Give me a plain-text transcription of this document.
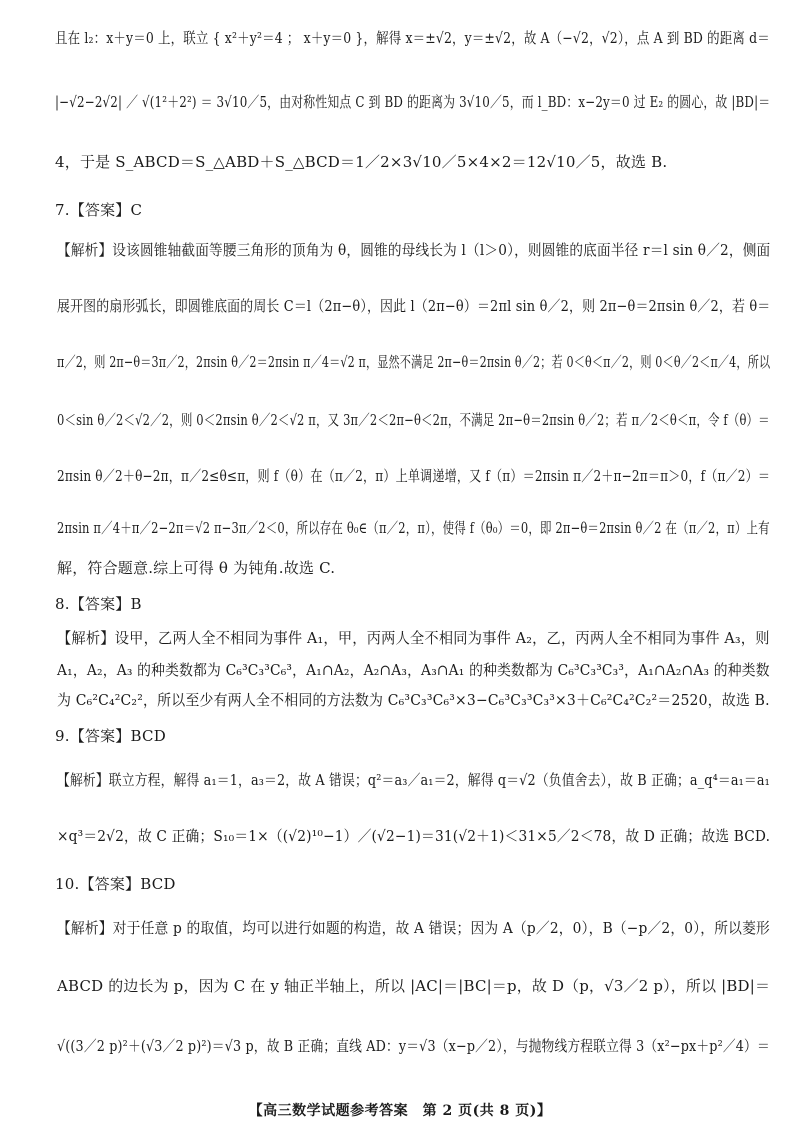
且在 l₂：x＋y＝0 上，联立 { x²＋y²＝4 ； x＋y＝0 }，解得 x＝±√2，y＝±√2，故 A（−√2，√2），点 A 到 BD 的距离 d＝
|−√2−2√2| ／ √(1²＋2²) ＝ 3√10／5，由对称性知点 C 到 BD 的距离为 3√10／5，而 l_BD：x−2y＝0 过 E₂ 的圆心，故 |BD|＝
4，于是 S_ABCD＝S_△ABD＋S_△BCD＝1／2×3√10／5×4×2＝12√10／5，故选 B.
7.【答案】C
【解析】设该圆锥轴截面等腰三角形的顶角为 θ，圆锥的母线长为 l（l＞0），则圆锥的底面半径 r＝l sin θ／2，侧面
展开图的扇形弧长，即圆锥底面的周长 C＝l（2π−θ），因此 l（2π−θ）＝2πl sin θ／2，则 2π−θ＝2πsin θ／2，若 θ＝
π／2，则 2π−θ＝3π／2，2πsin θ／2＝2πsin π／4＝√2 π，显然不满足 2π−θ＝2πsin θ／2；若 0＜θ＜π／2，则 0＜θ／2＜π／4，所以
0＜sin θ／2＜√2／2，则 0＜2πsin θ／2＜√2 π，又 3π／2＜2π−θ＜2π，不满足 2π−θ＝2πsin θ／2；若 π／2＜θ＜π，令 f（θ）＝
2πsin θ／2＋θ−2π，π／2≤θ≤π，则 f（θ）在（π／2，π）上单调递增，又 f（π）＝2πsin π／2＋π−2π＝π＞0，f（π／2）＝
2πsin π／4＋π／2−2π＝√2 π−3π／2＜0，所以存在 θ₀∈（π／2，π），使得 f（θ₀）＝0，即 2π−θ＝2πsin θ／2 在（π／2，π）上有
解，符合题意.综上可得 θ 为钝角.故选 C.
8.【答案】B
【解析】设甲，乙两人全不相同为事件 A₁，甲，丙两人全不相同为事件 A₂，乙，丙两人全不相同为事件 A₃，则
A₁，A₂，A₃ 的种类数都为 C₆³C₃³C₆³，A₁∩A₂，A₂∩A₃，A₃∩A₁ 的种类数都为 C₆³C₃³C₃³，A₁∩A₂∩A₃ 的种类数
为 C₆²C₄²C₂²，所以至少有两人全不相同的方法数为 C₆³C₃³C₆³×3−C₆³C₃³C₃³×3＋C₆²C₄²C₂²＝2520，故选 B.
9.【答案】BCD
【解析】联立方程，解得 a₁＝1，a₃＝2，故 A 错误；q²＝a₃／a₁＝2，解得 q＝√2（负值舍去），故 B 正确；a_q⁴＝a₁＝a₁
×q³＝2√2，故 C 正确；S₁₀＝1×（(√2)¹⁰−1）／(√2−1)＝31(√2＋1)＜31×5／2＜78，故 D 正确；故选 BCD.
10.【答案】BCD
【解析】对于任意 p 的取值，均可以进行如题的构造，故 A 错误；因为 A（p／2，0），B（−p／2，0），所以菱形
ABCD 的边长为 p，因为 C 在 y 轴正半轴上，所以 |AC|＝|BC|＝p，故 D（p，√3／2 p），所以 |BD|＝
√((3／2 p)²＋(√3／2 p)²)＝√3 p，故 B 正确；直线 AD：y＝√3（x−p／2），与抛物线方程联立得 3（x²−px＋p²／4）＝
【高三数学试题参考答案　第 2 页(共 8 页)】
